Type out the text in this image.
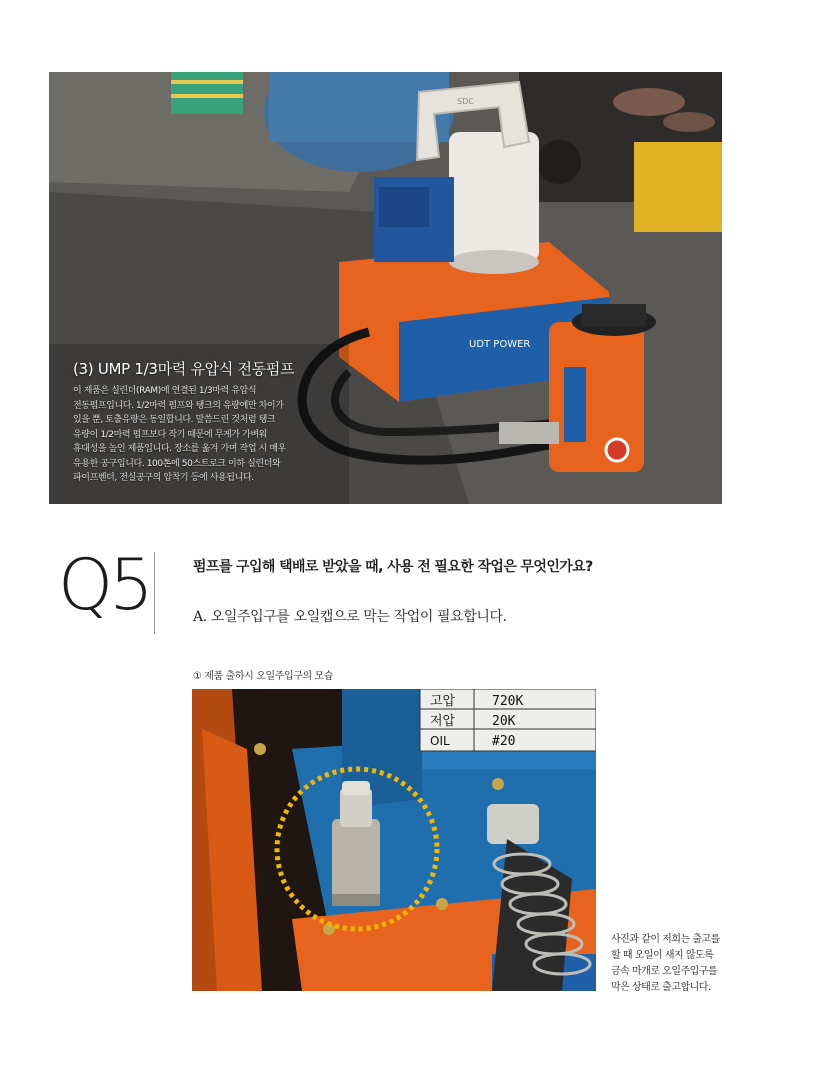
UDT POWER
SDC
(3) UMP 1/3마력 유압식 전동펌프
이 제품은 실린더(RAM)에 연결된 1/3마력 유압식
전동펌프입니다. 1/2마력 펌프와 탱크의 유량에만 차이가
있을 뿐, 토출유량은 동일합니다. 말씀드린 것처럼 탱크
유량이 1/2마력 펌프보다 작기 때문에 무게가 가벼워
휴대성을 높인 제품입니다. 장소를 옮겨 가며 작업 시 매우
유용한 공구입니다. 100톤에 50스트로크 이하 실린더와
파이프벤더, 전실공구의 압착기 등에 사용됩니다.
Q5	펌프를 구입해 택배로 받았을 때, 사용 전 필요한 작업은 무엇인가요?
A. 오일주입구를 오일캡으로 막는 작업이 필요합니다.
① 제품 출하시 오일주입구의 모습
고압	720K
저압	20K
OIL	#20
사진과 같이 저희는 출고를
할 때 오일이 새지 않도록
금속 마개로 오일주입구를
막은 상태로 출고합니다.
